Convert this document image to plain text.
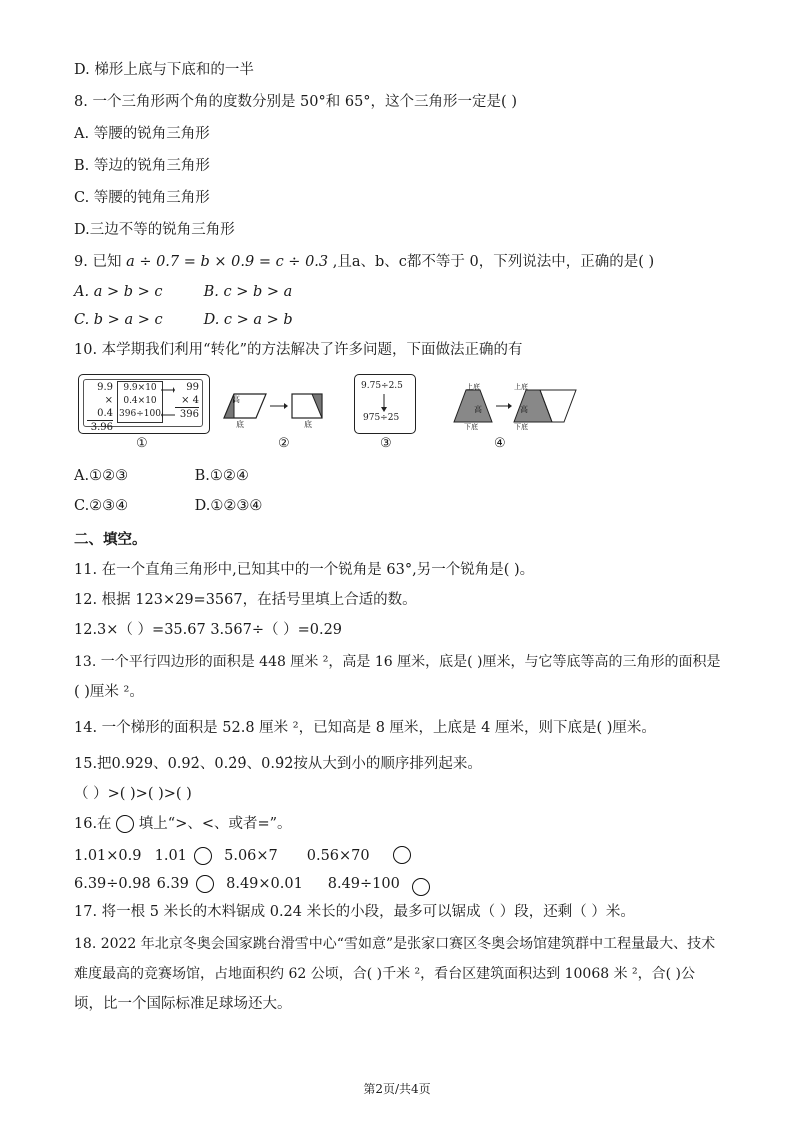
D. 梯形上底与下底和的一半
8. 一个三角形两个角的度数分别是 50°和 65°，这个三角形一定是( )
A. 等腰的锐角三角形
B. 等边的锐角三角形
C. 等腰的钝角三角形
D.三边不等的锐角三角形
9. 已知 a ÷ 0.7 = b × 0.9 = c ÷ 0.3 ,且a、b、c都不等于 0，下列说法中，正确的是( )
A. a > b > c	B. c > b > a
C. b > a > c	D. c > a > b
10. 本学期我们利用“转化”的方法解决了许多问题，下面做法正确的有
9.9
× 0.4
3.96
9.9×10
0.4×10
396÷100
99
× 4
396
高
底	底
9.75÷2.5
975÷25
上底	上底
高	高
下底	下底
①	②	③	④
A.①②③	B.①②④
C.②③④	D.①②③④
二、填空。
11. 在一个直角三角形中,已知其中的一个锐角是 63°,另一个锐角是( )。
12. 根据 123×29=3567，在括号里填上合适的数。
12.3×（ ）=35.67 3.567÷（ ）=0.29
13. 一个平行四边形的面积是 448 厘米 ²，高是 16 厘米，底是( )厘米，与它等底等高的三角形的面积是
( )厘米 ²。
14. 一个梯形的面积是 52.8 厘米 ²，已知高是 8 厘米，上底是 4 厘米，则下底是( )厘米。
15.把0.929、0.92̇、0.2̇9̇、0.9̇2̇按从大到小的顺序排列起来。
（ ）>( )>( )>( )
16.在 填上“>、<、或者=”。
1.01×0.9 1.01	5.06×7 0.56×70
6.39÷0.98 6.39	8.49×0.01 8.49÷100
17. 将一根 5 米长的木料锯成 0.24 米长的小段，最多可以锯成（ ）段，还剩（ ）米。
18. 2022 年北京冬奥会国家跳台滑雪中心“雪如意”是张家口赛区冬奥会场馆建筑群中工程量最大、技术
难度最高的竞赛场馆，占地面积约 62 公顷，合( )千米 ²，看台区建筑面积达到 10068 米 ²，合( )公
顷，比一个国际标准足球场还大。
第2页/共4页
